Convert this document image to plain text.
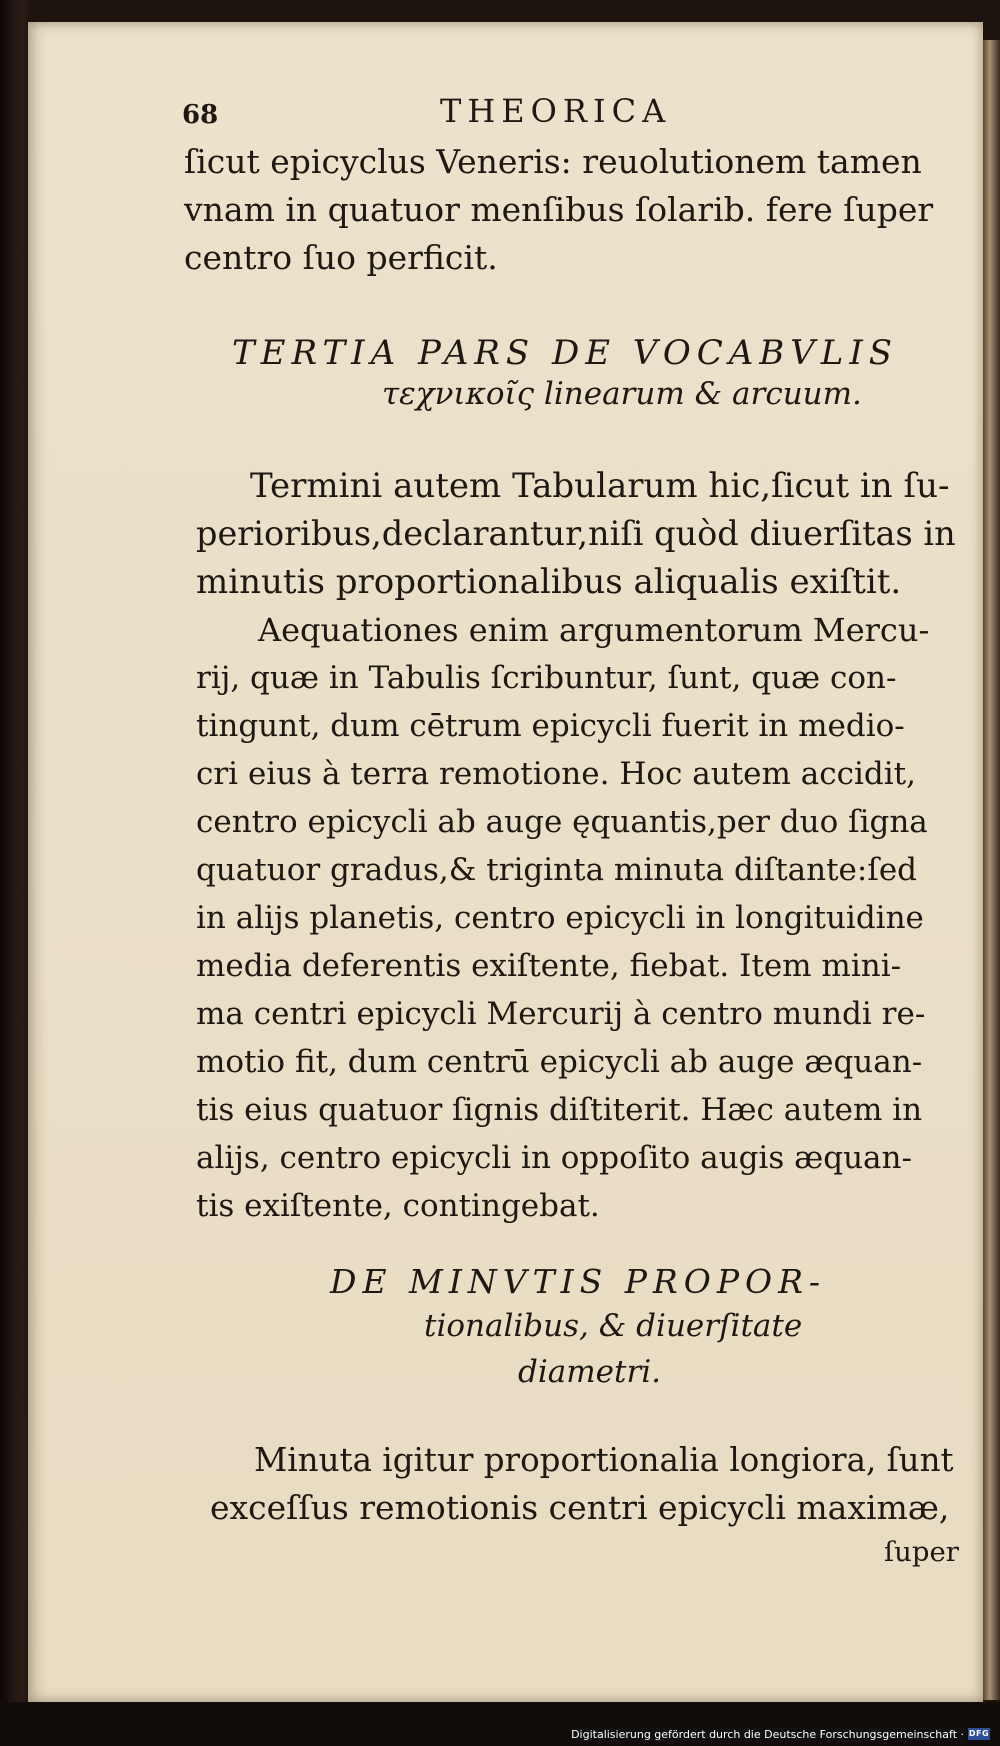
68	THEORICA
ſicut epicyclus Veneris: reuolutionem tamen
vnam in quatuor menſibus ſolarib. fere ſuper
centro ſuo perficit.
TERTIA PARS DE VOCABVLIS
τεχνικοῖς linearum & arcuum.
Termini autem Tabularum hic,ſicut in ſu-
perioribus,declarantur,niſi quòd diuerſitas in
minutis proportionalibus aliqualis exiſtit.
Aequationes enim argumentorum Mercu-
rij, quæ in Tabulis ſcribuntur, ſunt, quæ con-
tingunt, dum cētrum epicycli fuerit in medio-
cri eius à terra remotione. Hoc autem accidit,
centro epicycli ab auge ęquantis,per duo ſigna
quatuor gradus,& triginta minuta diſtante:ſed
in alijs planetis, centro epicycli in longituidine
media deferentis exiſtente, fiebat. Item mini-
ma centri epicycli Mercurij à centro mundi re-
motio fit, dum centrū epicycli ab auge æquan-
tis eius quatuor ſignis diſtiterit. Hæc autem in
alijs, centro epicycli in oppoſito augis æquan-
tis exiſtente, contingebat.
DE MINVTIS PROPOR-
tionalibus, & diuerſitate
diametri.
Minuta igitur proportionalia longiora, ſunt
exceſſus remotionis centri epicycli maximæ,
ſuper
Digitalisierung gefördert durch die Deutsche Forschungsgemeinschaft · DFG
